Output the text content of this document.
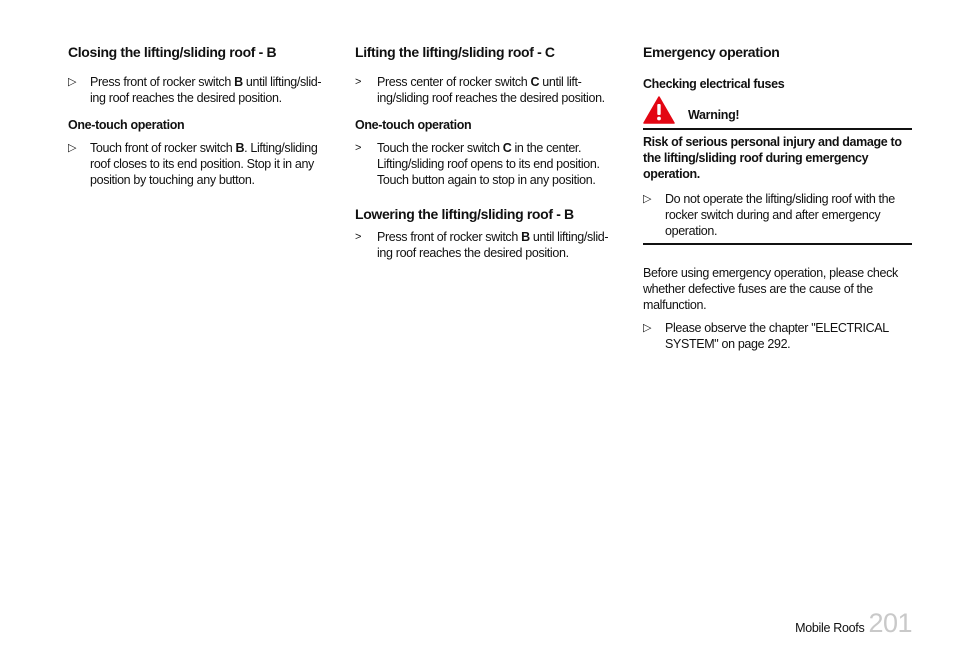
Closing the lifting/sliding roof - B
▷	Press front of rocker switch B until lifting/slid-ing roof reaches the desired position.
One-touch operation
▷	Touch front of rocker switch B. Lifting/sliding roof closes to its end position. Stop it in any position by touching any button.
Lifting the lifting/sliding roof - C
>	Press center of rocker switch C until lift-ing/sliding roof reaches the desired position.
One-touch operation
>	Touch the rocker switch C in the center. Lifting/sliding roof opens to its end position. Touch button again to stop in any position.
Lowering the lifting/sliding roof - B
>	Press front of rocker switch B until lifting/slid-ing roof reaches the desired position.
Emergency operation
Checking electrical fuses
Warning!
Risk of serious personal injury and damage to the lifting/sliding roof during emergency operation.
▷	Do not operate the lifting/sliding roof with the rocker switch during and after emergency operation.

Before using emergency operation, please check whether defective fuses are the cause of the malfunction.

▷	Please observe the chapter "ELECTRICAL SYSTEM" on page 292.
Mobile Roofs 201
